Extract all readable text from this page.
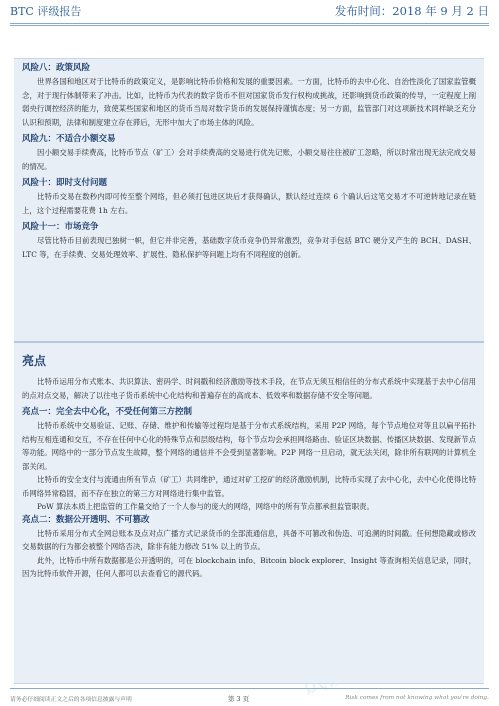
BTC 评级报告	发布时间：2018 年 9 月 2 日
风险八：政策风险

世界各国和地区对于比特币的政策定义，是影响比特币价格和发展的重要因素。一方面，比特币的去中心化、自治性淡化了国家监管概念，对于现行体制带来了冲击。比如，比特币为代表的数字货币不但对国家货币发行权构成挑战，还影响到货币政策的传导，一定程度上削弱央行调控经济的能力，致使某些国家和地区的货币当局对数字货币的发展保持谨慎态度；另一方面，监管部门对这项新技术同样缺乏充分认识和预期，法律和制度建立存在滞后，无形中加大了市场主体的风险。

风险九：不适合小额交易

因小额交易手续费高，比特币节点（矿工）会对手续费高的交易进行优先记账，小额交易往往被矿工忽略，所以时常出现无法完成交易的情况。

风险十：即时支付问题

比特币交易在数秒内即可传至整个网络，但必须打包进区块后才获得确认，默认经过连续 6 个确认后这笔交易才不可逆转地记录在链上，这个过程需要花费 1h 左右。

风险十一：市场竞争

尽管比特币目前表现已独树一帜，但它并非完善，基础数字货币竞争仍异常激烈，竞争对手包括 BTC 硬分叉产生的 BCH、DASH、LTC 等，在手续费、交易处理效率、扩展性、隐私保护等问题上均有不同程度的创新。

亮点

比特币运用分布式账本、共识算法、密码学、时间戳和经济激励等技术手段，在节点无须互相信任的分布式系统中实现基于去中心信用的点对点交易，解决了以往电子货币系统中心化结构和普遍存在的高成本、低效率和数据存储不安全等问题。

亮点一：完全去中心化，不受任何第三方控制

比特币系统中交易验证、记账、存储、维护和传输等过程均是基于分布式系统结构，采用 P2P 网络，每个节点地位对等且以扁平拓扑结构互相连通和交互，不存在任何中心化的特殊节点和层级结构，每个节点均会承担网络路由、验证区块数据、传播区块数据、发现新节点等功能。网络中的一部分节点发生故障，整个网络的通信并不会受到显著影响。P2P 网络一旦启动，就无法关闭，除非所有联网的计算机全部关闭。

比特币的安全支付与流通由所有节点（矿工）共同维护，通过对矿工挖矿的经济激励机制，比特币实现了去中心化，去中心化使得比特币网络异常稳固，而不存在独立的第三方对网络进行集中监管。

PoW 算法本质上把监管的工作量交给了一个人参与的庞大的网络，网络中的所有节点都承担监管职责。

亮点二：数据公开透明、不可篡改

比特币采用分布式全网总账本及点对点广播方式记录货币的全部流通信息，具备不可篡改和伪造、可追溯的时间戳。任何想隐藏或修改交易数据的行为都会被整个网络否决，除非有能力修改 51% 以上的节点。

此外，比特币中所有数据都是公开透明的，可在 blockchain info、Bitcoin block explorer、Insight 等查询相关信息记录，同时，因为比特币软件开源，任何人都可以去查看它的源代码。

请务必仔细阅读正文之后的各项信息披露与声明	第 3 页	Risk comes from not knowing what you're doing.
